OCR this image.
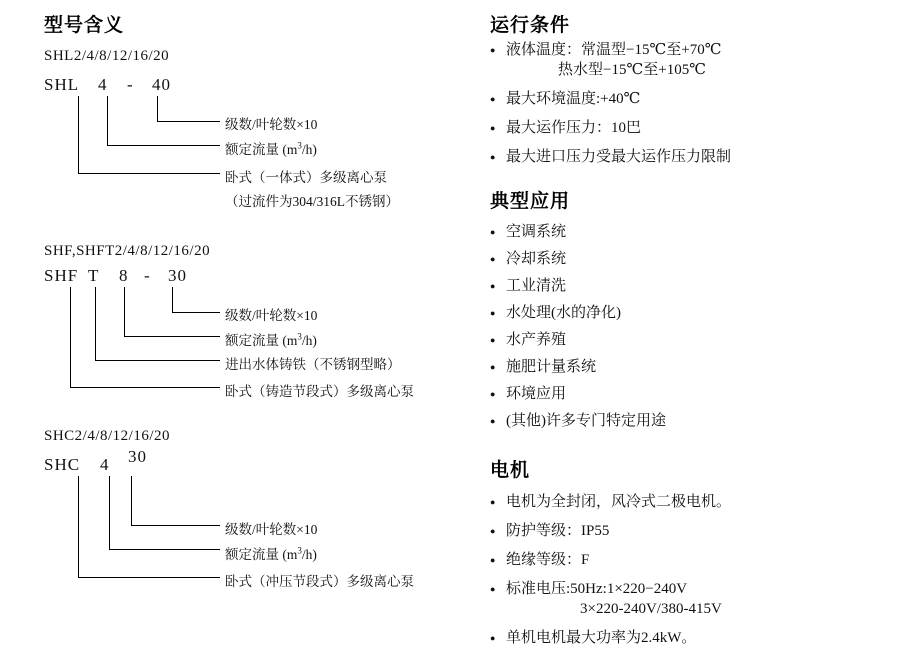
型号含义
SHL2/4/8/12/16/20
SHL 4 - 40
级数/叶轮数×10
额定流量 $(m^3/h)$
卧式（一体式）多级离心泵
（过流件为304/316L不锈钢）
SHF,SHFT2/4/8/12/16/20
SHF T 8 - 30
级数/叶轮数×10
额定流量 $(m^3/h)$
进出水体铸铁（不锈钢型略）
卧式（铸造节段式）多级离心泵
SHC2/4/8/12/16/20
SHC 4 30
级数/叶轮数×10
额定流量 $(m^3/h)$
卧式（冲压节段式）多级离心泵
运行条件
● 液体温度：常温型−15℃至+70℃
热水型−15℃至+105℃
● 最大环境温度:+40℃
● 最大运作压力：10巴
● 最大进口压力受最大运作压力限制
典型应用
● 空调系统
● 冷却系统
● 工业清洗
● 水处理(水的净化)
● 水产养殖
● 施肥计量系统
● 环境应用
● (其他)许多专门特定用途
电机
● 电机为全封闭，风冷式二极电机。
● 防护等级：IP55
● 绝缘等级：F
● 标准电压:50Hz:1×220−240V
3×220-240V/380-415V
● 单机电机最大功率为2.4kW。
